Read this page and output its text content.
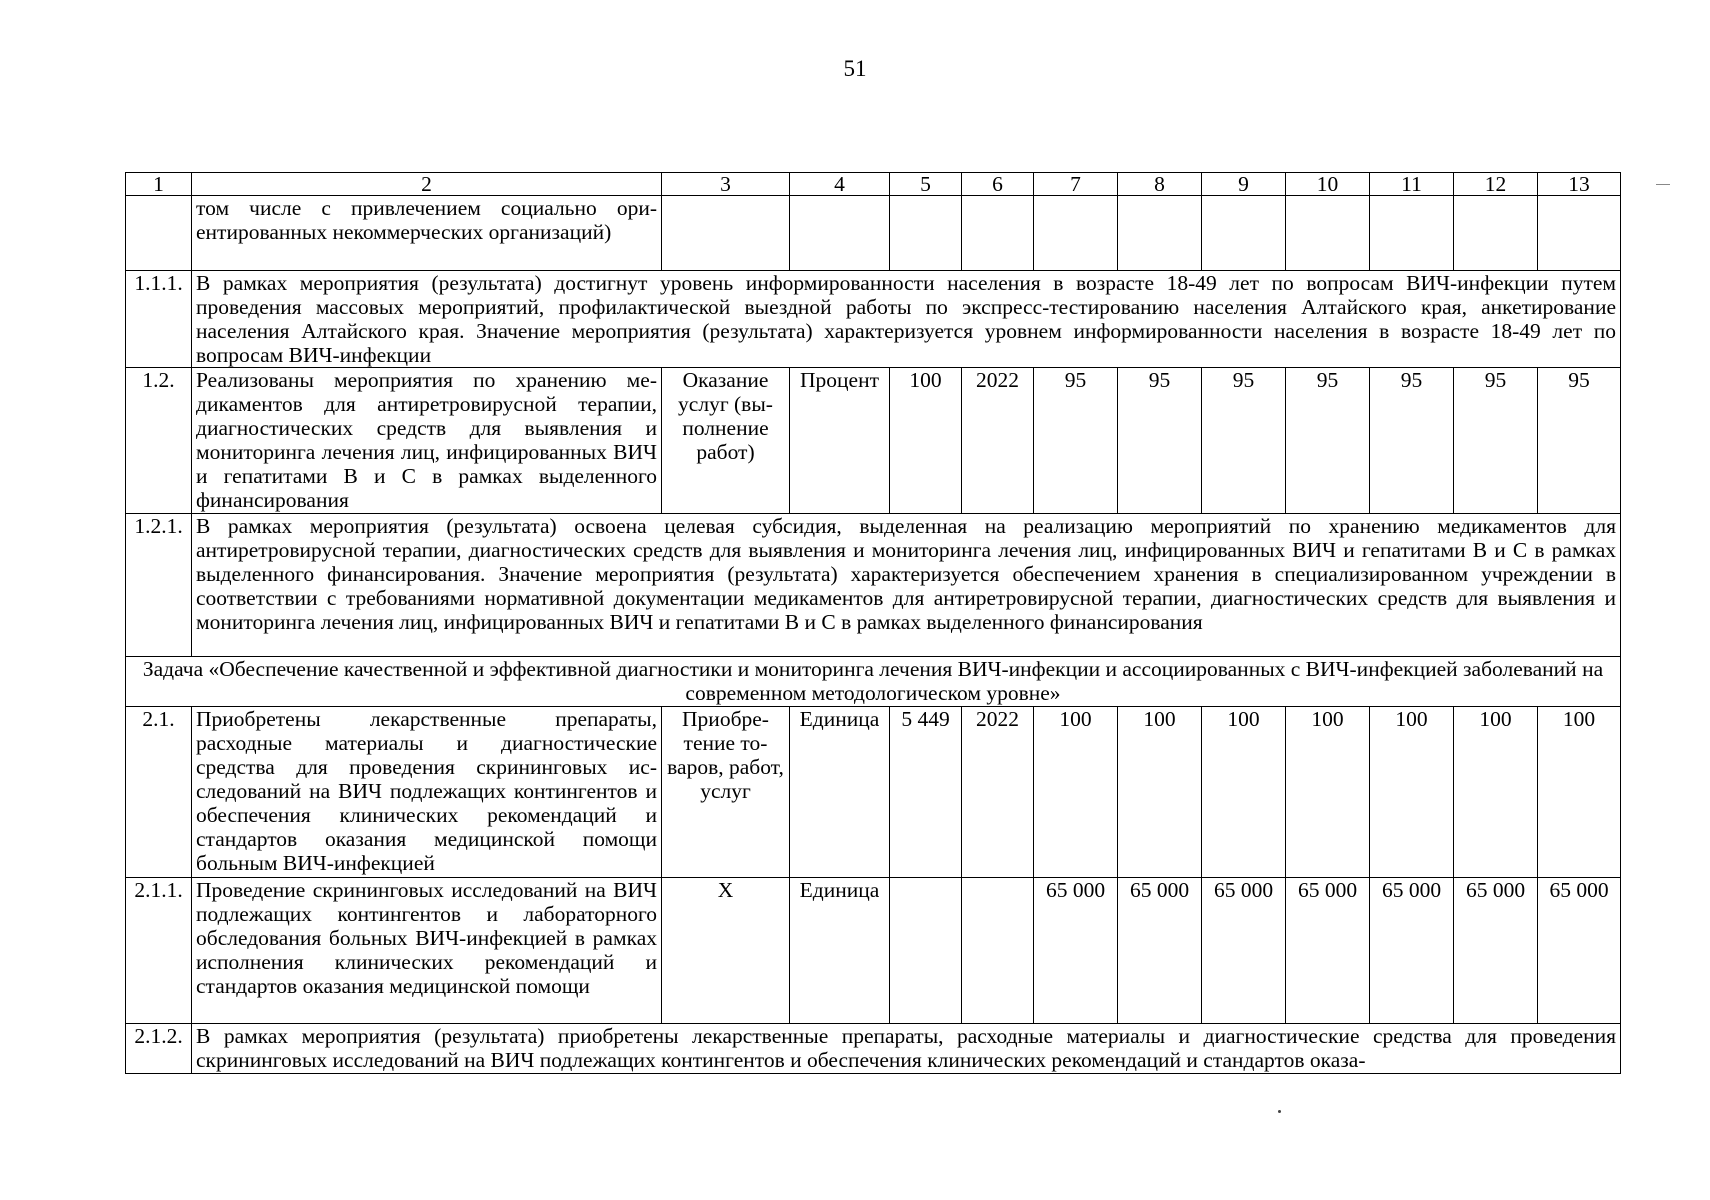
51
1	2	3	4	5	6	7	8	9	10	11	12	13
	том числе с привлечением социально ориентированных некоммерческих организаций)											
1.1.1.	В рамках мероприятия (результата) достигнут уровень информированности населения в возрасте 18-49 лет по вопросам ВИЧ-инфекции путем проведения массовых мероприятий, профилактической выездной работы по экспресс-тестированию населения Алтайского края, анкетирование населения Алтайского края. Значение мероприятия (результата) характеризуется уровнем информированности населения в возрасте 18-49 лет по вопросам ВИЧ-инфекции											
1.2.	Реализованы мероприятия по хранению медикаментов для антиретровирусной терапии, диагностических средств для выявления и мониторинга лечения лиц, инфицированных ВИЧ и гепатитами В и С в рамках выделенного финансирования	Оказание услуг (выполнение работ)	Процент	100	2022	95	95	95	95	95	95	95
1.2.1.	В рамках мероприятия (результата) освоена целевая субсидия, выделенная на реализацию мероприятий по хранению медикаментов для антиретровирусной терапии, диагностических средств для выявления и мониторинга лечения лиц, инфицированных ВИЧ и гепатитами В и С в рамках выделенного финансирования. Значение мероприятия (результата) характеризуется обеспечением хранения в специализированном учреждении в соответствии с требованиями нормативной документации медикаментов для антиретровирусной терапии, диагностических средств для выявления и мониторинга лечения лиц, инфицированных ВИЧ и гепатитами В и С в рамках выделенного финансирования											
Задача «Обеспечение качественной и эффективной диагностики и мониторинга лечения ВИЧ-инфекции и ассоциированных с ВИЧ-инфекцией заболеваний на современном методологическом уровне»												
2.1.	Приобретены лекарственные препараты, расходные материалы и диагностические средства для проведения скрининговых исследований на ВИЧ подлежащих контингентов и обеспечения клинических рекомендаций и стандартов оказания медицинской помощи больным ВИЧ-инфекцией	Приобретение товаров, работ, услуг	Единица	5 449	2022	100	100	100	100	100	100	100
2.1.1.	Проведение скрининговых исследований на ВИЧ подлежащих контингентов и лабораторного обследования больных ВИЧ-инфекцией в рамках исполнения клинических рекомендаций и стандартов оказания медицинской помощи	Х	Единица			65 000	65 000	65 000	65 000	65 000	65 000	65 000
2.1.2.	В рамках мероприятия (результата) приобретены лекарственные препараты, расходные материалы и диагностические средства для проведения скрининговых исследований на ВИЧ подлежащих контингентов и обеспечения клинических рекомендаций и стандартов оказа-											
